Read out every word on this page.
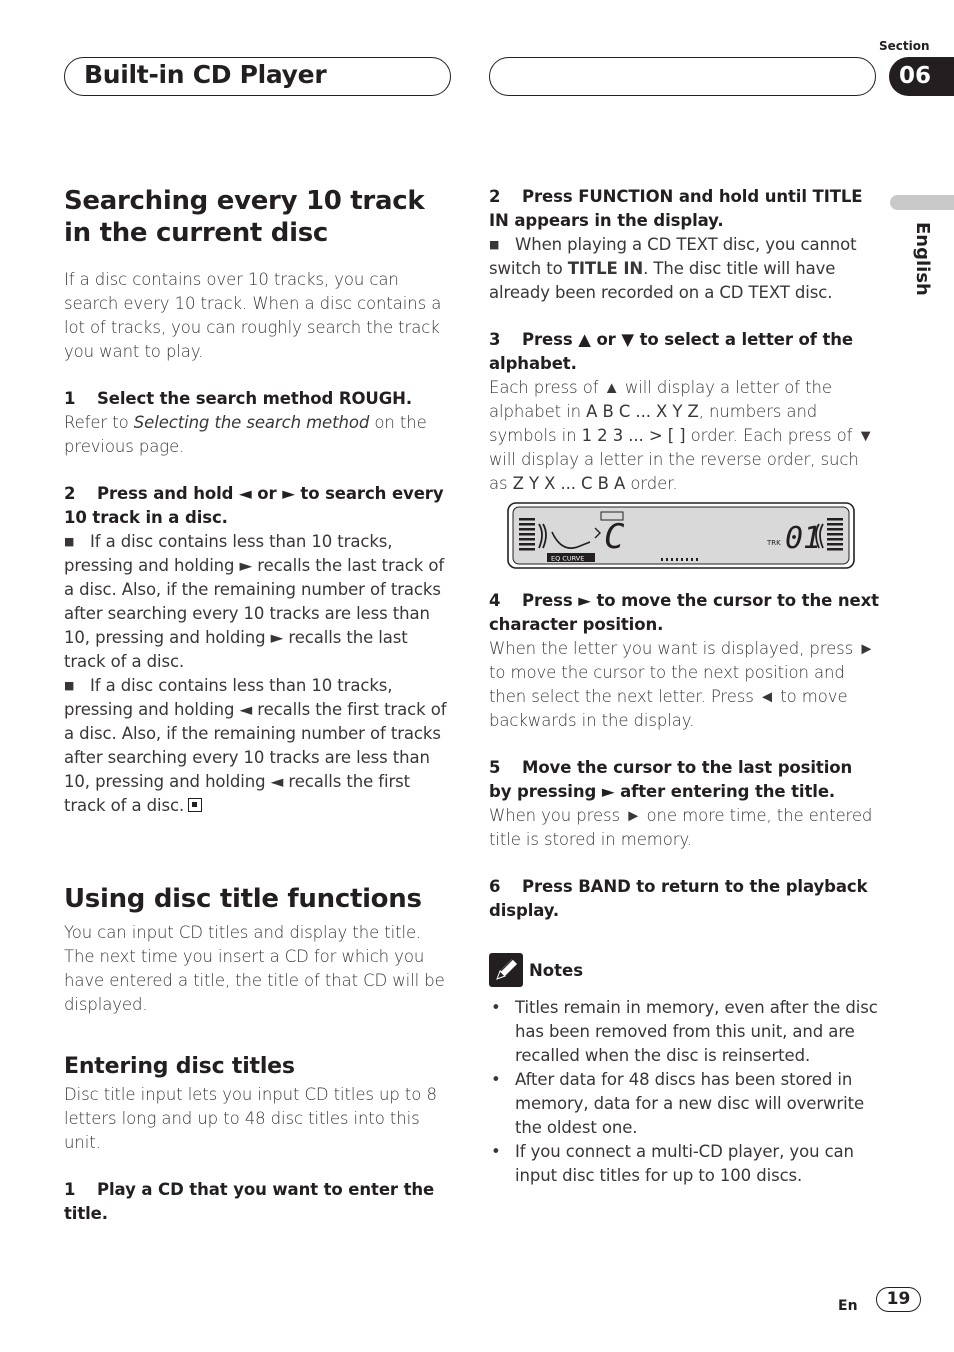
Built-in CD Player
Section
06
English
Searching every 10 track in the current disc

If a disc contains over 10 tracks, you can search every 10 track. When a disc contains a lot of tracks, you can roughly search the track you want to play.

1 Select the search method ROUGH.

Refer to Selecting the search method on the previous page.

2 Press and hold ◄ or ► to search every 10 track in a disc.

■ If a disc contains less than 10 tracks, pressing and holding ► recalls the last track of a disc. Also, if the remaining number of tracks after searching every 10 tracks are less than 10, pressing and holding ► recalls the last track of a disc.

■ If a disc contains less than 10 tracks, pressing and holding ◄ recalls the first track of a disc. Also, if the remaining number of tracks after searching every 10 tracks are less than 10, pressing and holding ◄ recalls the first track of a disc.

Using disc title functions

You can input CD titles and display the title. The next time you insert a CD for which you have entered a title, the title of that CD will be displayed.

Entering disc titles

Disc title input lets you input CD titles up to 8 letters long and up to 48 disc titles into this unit.

1 Play a CD that you want to enter the title.

2 Press FUNCTION and hold until TITLE IN appears in the display.

■ When playing a CD TEXT disc, you cannot switch to TITLE IN. The disc title will have already been recorded on a CD TEXT disc.

3 Press ▲ or ▼ to select a letter of the alphabet.

Each press of ▲ will display a letter of the alphabet in A B C ... X Y Z, numbers and symbols in 1 2 3 ... > [ ] order. Each press of ▼ will display a letter in the reverse order, such as Z Y X ... C B A order.

C	TRK 01
EQ CURVE

4 Press ► to move the cursor to the next character position.

When the letter you want is displayed, press ► to move the cursor to the next position and then select the next letter. Press ◄ to move backwards in the display.

5 Move the cursor to the last position by pressing ► after entering the title.

When you press ► one more time, the entered title is stored in memory.

6 Press BAND to return to the playback display.

Notes
• Titles remain in memory, even after the disc has been removed from this unit, and are recalled when the disc is reinserted.
• After data for 48 discs has been stored in memory, data for a new disc will overwrite the oldest one.
• If you connect a multi-CD player, you can input disc titles for up to 100 discs.
En	19
